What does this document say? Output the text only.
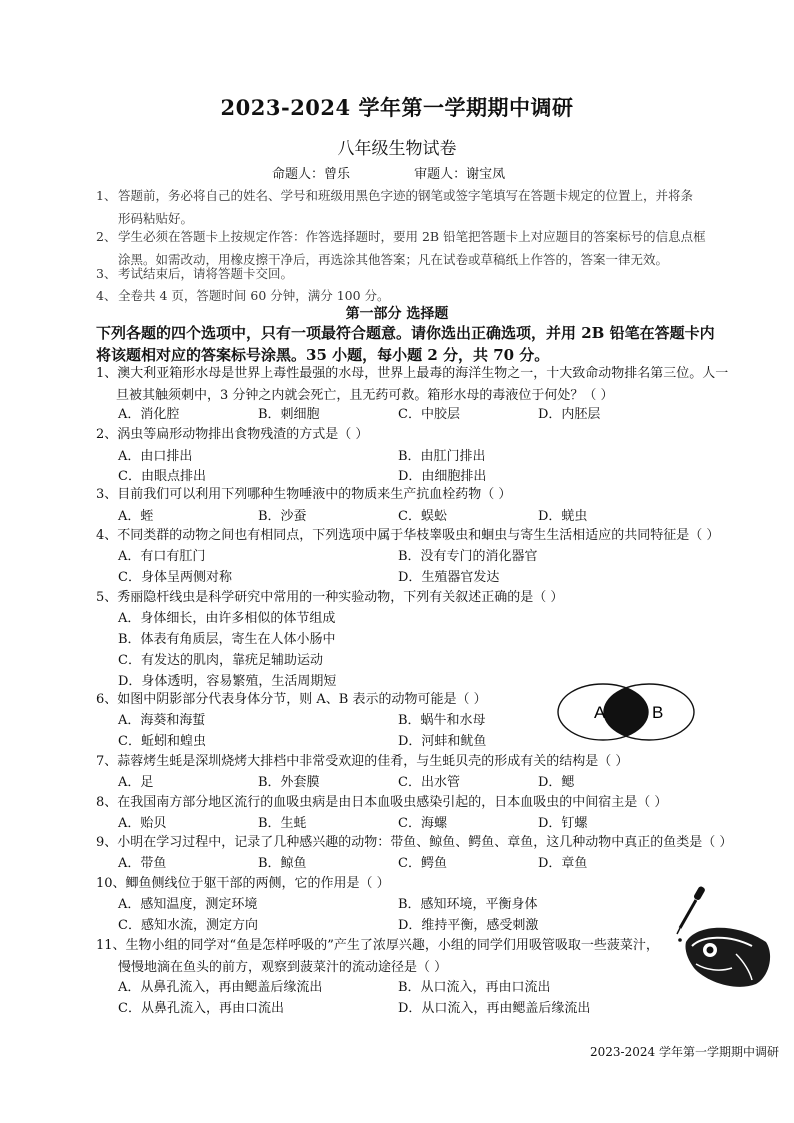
2023-2024 学年第一学期期中调研
八年级生物试卷
命题人：曾乐	审题人：谢宝凤
1、 答题前，务必将自己的姓名、学号和班级用黑色字迹的钢笔或签字笔填写在答题卡规定的位置上，并将条
形码粘贴好。
2、 学生必须在答题卡上按规定作答：作答选择题时，要用 2B 铅笔把答题卡上对应题目的答案标号的信息点框
涂黑。如需改动，用橡皮擦干净后，再选涂其他答案；凡在试卷或草稿纸上作答的，答案一律无效。
3、 考试结束后，请将答题卡交回。
4、 全卷共 4 页，答题时间 60 分钟，满分 100 分。
第一部分 选择题
下列各题的四个选项中，只有一项最符合题意。请你选出正确选项，并用 2B 铅笔在答题卡内
将该题相对应的答案标号涂黑。35 小题，每小题 2 分，共 70 分。
1、澳大利亚箱形水母是世界上毒性最强的水母，世界上最毒的海洋生物之一，十大致命动物排名第三位。人一
旦被其触须刺中，3 分钟之内就会死亡，且无药可救。箱形水母的毒液位于何处？（ ）
A．消化腔	B．刺细胞	C．中胶层	D．内胚层
2、涡虫等扁形动物排出食物残渣的方式是（ ）
A．由口排出	B．由肛门排出
C．由眼点排出	D．由细胞排出
3、目前我们可以利用下列哪种生物唾液中的物质来生产抗血栓药物（ ）
A．蛭	B．沙蚕	C．蜈蚣	D．蜣虫
4、不同类群的动物之间也有相同点，下列选项中属于华枝睾吸虫和蛔虫与寄生生活相适应的共同特征是（ ）
A．有口有肛门	B．没有专门的消化器官
C．身体呈两侧对称	D．生殖器官发达
5、秀丽隐杆线虫是科学研究中常用的一种实验动物，下列有关叙述正确的是（ ）
A．身体细长，由许多相似的体节组成
B．体表有角质层，寄生在人体小肠中
C．有发达的肌肉，靠疣足辅助运动
D．身体透明，容易繁殖，生活周期短
6、如图中阴影部分代表身体分节，则 A、B 表示的动物可能是（ ）
A．海葵和海蜇	B．蜗牛和水母
C．蚯蚓和蝗虫	D．河蚌和鱿鱼
A	B
7、蒜蓉烤生蚝是深圳烧烤大排档中非常受欢迎的佳肴，与生蚝贝壳的形成有关的结构是（ ）
A．足	B．外套膜	C．出水管	D．鳃
8、在我国南方部分地区流行的血吸虫病是由日本血吸虫感染引起的，日本血吸虫的中间宿主是（ ）
A．贻贝	B．生蚝	C．海螺	D．钉螺
9、小明在学习过程中，记录了几种感兴趣的动物：带鱼、鲸鱼、鳄鱼、章鱼，这几种动物中真正的鱼类是（ ）
A．带鱼	B．鲸鱼	C．鳄鱼	D．章鱼
10、鲫鱼侧线位于躯干部的两侧，它的作用是（ ）
A．感知温度，测定环境	B．感知环境，平衡身体
C．感知水流，测定方向	D．维持平衡，感受刺激
11、生物小组的同学对“鱼是怎样呼吸的”产生了浓厚兴趣，小组的同学们用吸管吸取一些菠菜汁，
慢慢地滴在鱼头的前方，观察到菠菜汁的流动途径是（ ）
A．从鼻孔流入，再由鳃盖后缘流出	B．从口流入，再由口流出
C．从鼻孔流入，再由口流出	D．从口流入，再由鳃盖后缘流出
2023-2024 学年第一学期期中调研
